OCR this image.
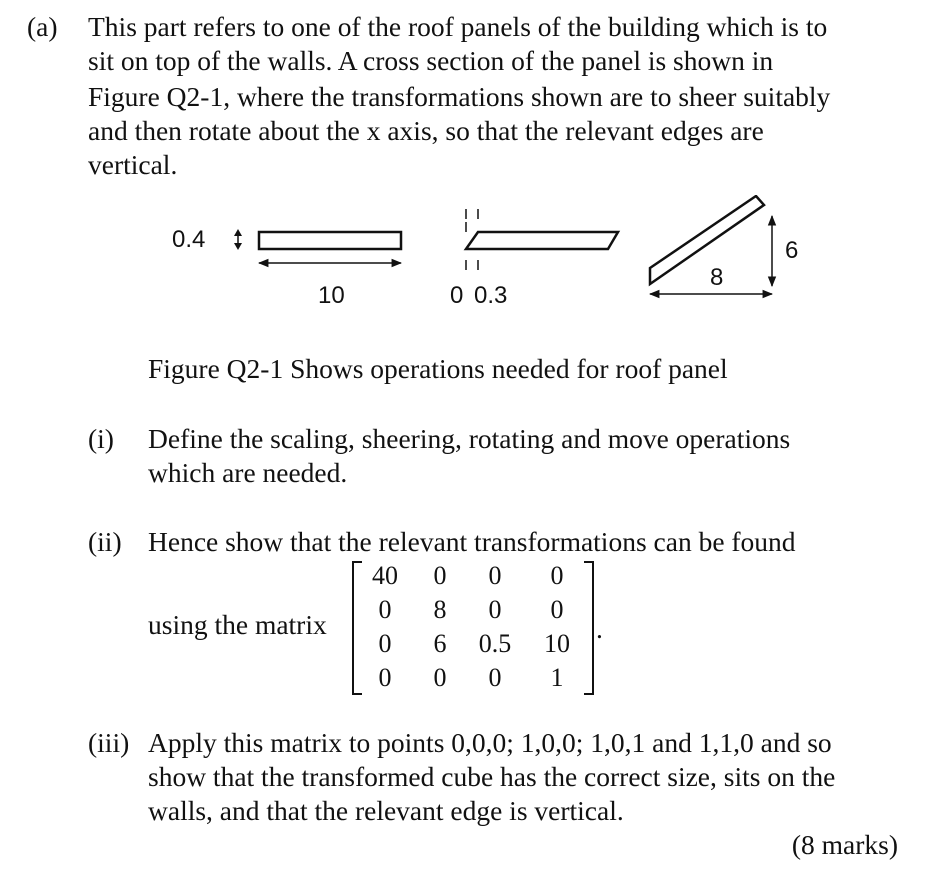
(a) This part refers to one of the roof panels of the building which is to
sit on top of the walls. A cross section of the panel is shown in
Figure Q2-1, where the transformations shown are to sheer suitably
and then rotate about the x axis, so that the relevant edges are
vertical.
0.4
10	0 0.3
8
6
Figure Q2-1 Shows operations needed for roof panel
(i) Define the scaling, sheering, rotating and move operations
which are needed.
(ii) Hence show that the relevant transformations can be found
using the matrix
40	0	0	0
0	8	0	0
0	6	0.5	10
0	0	0	1
.
(iii) Apply this matrix to points 0,0,0; 1,0,0; 1,0,1 and 1,1,0 and so
show that the transformed cube has the correct size, sits on the
walls, and that the relevant edge is vertical.
(8 marks)
